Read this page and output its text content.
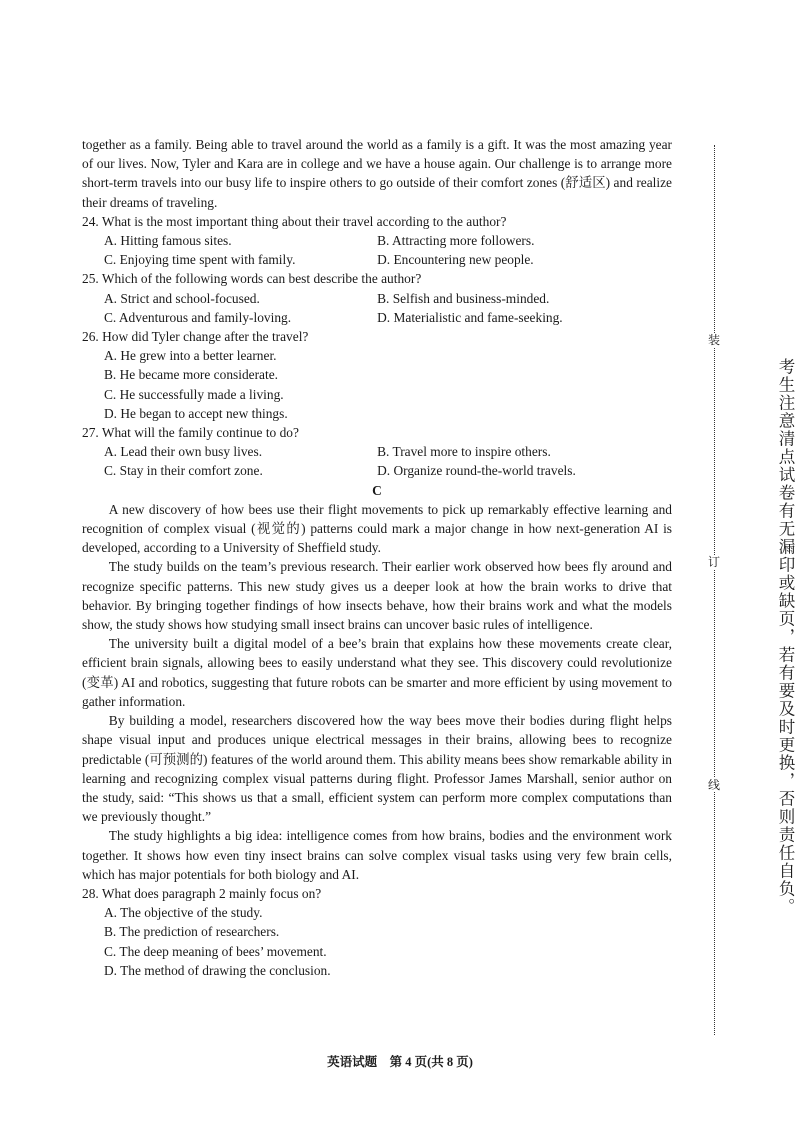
together as a family. Being able to travel around the world as a family is a gift. It was the most amazing year of our lives. Now, Tyler and Kara are in college and we have a house again. Our challenge is to arrange more short-term travels into our busy life to inspire others to go outside of their comfort zones (舒适区) and realize their dreams of traveling.

24. What is the most important thing about their travel according to the author?

A. Hitting famous sites.	B. Attracting more followers.
C. Enjoying time spent with family.	D. Encountering new people.

25. Which of the following words can best describe the author?

A. Strict and school-focused.	B. Selfish and business-minded.
C. Adventurous and family-loving.	D. Materialistic and fame-seeking.

26. How did Tyler change after the travel?

A. He grew into a better learner.

B. He became more considerate.

C. He successfully made a living.

D. He began to accept new things.

27. What will the family continue to do?

A. Lead their own busy lives.	B. Travel more to inspire others.
C. Stay in their comfort zone.	D. Organize round-the-world travels.

C

A new discovery of how bees use their flight movements to pick up remarkably effective learning and recognition of complex visual (视觉的) patterns could mark a major change in how next-generation AI is developed, according to a University of Sheffield study.

The study builds on the team’s previous research. Their earlier work observed how bees fly around and recognize specific patterns. This new study gives us a deeper look at how the brain works to drive that behavior. By bringing together findings of how insects behave, how their brains work and what the models show, the study shows how studying small insect brains can uncover basic rules of intelligence.

The university built a digital model of a bee’s brain that explains how these movements create clear, efficient brain signals, allowing bees to easily understand what they see. This discovery could revolutionize (变革) AI and robotics, suggesting that future robots can be smarter and more efficient by using movement to gather information.

By building a model, researchers discovered how the way bees move their bodies during flight helps shape visual input and produces unique electrical messages in their brains, allowing bees to recognize predictable (可预测的) features of the world around them. This ability means bees show remarkable ability in learning and recognizing complex visual patterns during flight. Professor James Marshall, senior author on the study, said: “This shows us that a small, efficient system can perform more complex computations than we previously thought.”

The study highlights a big idea: intelligence comes from how brains, bodies and the environment work together. It shows how even tiny insect brains can solve complex visual tasks using very few brain cells, which has major potentials for both biology and AI.

28. What does paragraph 2 mainly focus on?

A. The objective of the study.

B. The prediction of researchers.

C. The deep meaning of bees’ movement.

D. The method of drawing the conclusion.

装
订
线	考生注意清点试卷有无漏印或缺页，若有要及时更换，否则责任自负。
英语试题　第 4 页(共 8 页)
